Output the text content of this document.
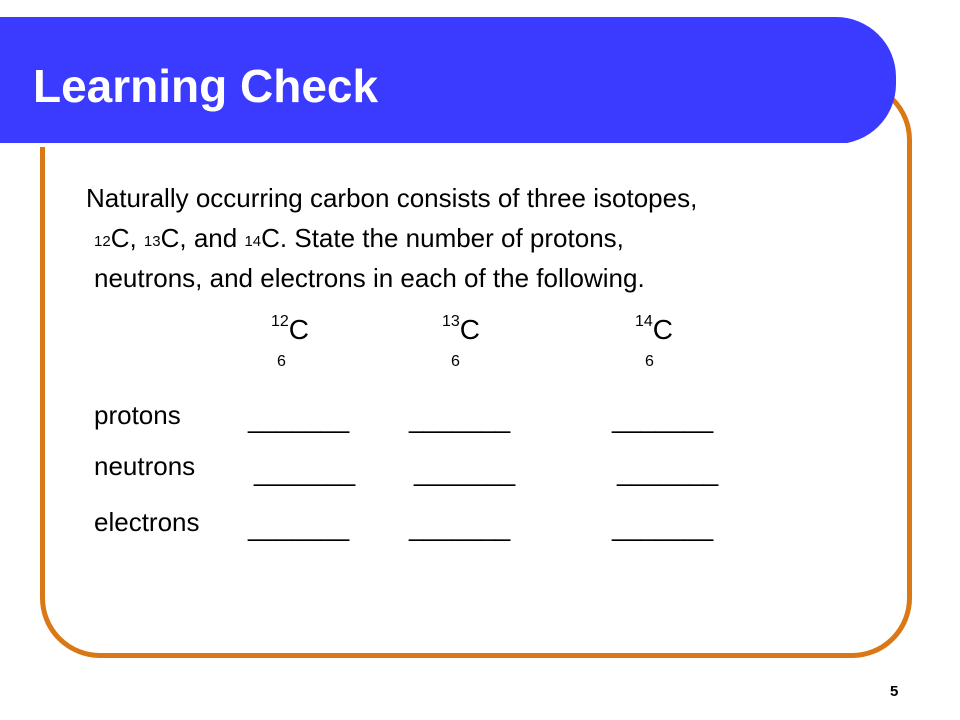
Learning Check
Naturally occurring carbon consists of three isotopes,
$^{12}$C, $^{13}$C, and $^{14}$C. State the number of protons,
neutrons, and electrons in each of the following.
$^{12}$C	$^{13}$C	$^{14}$C
6	6	6
protons	_______ _______	_______
neutrons _______ _______	_______
electrons _______ _______	_______
5
